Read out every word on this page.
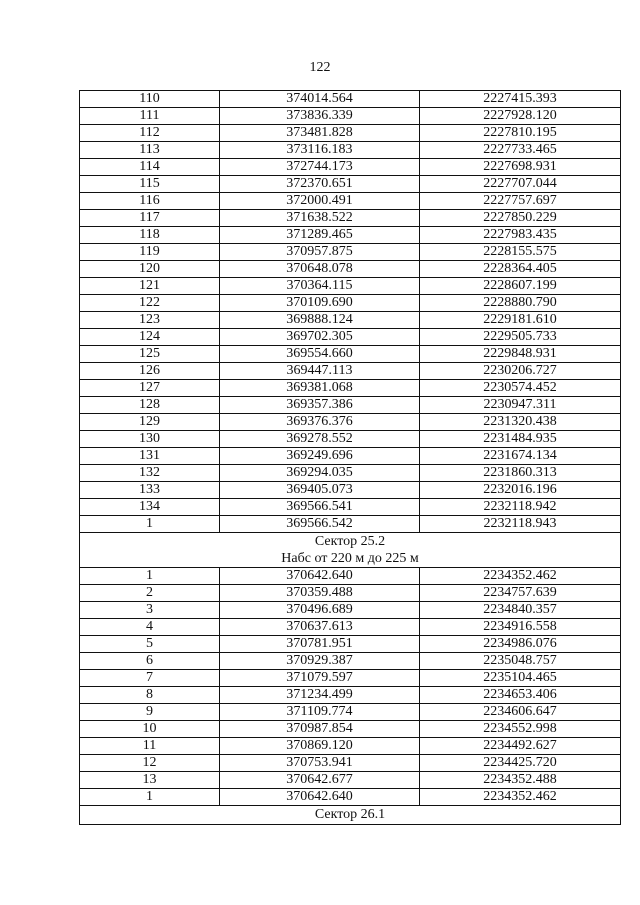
122
110	374014.564	2227415.393
111	373836.339	2227928.120
112	373481.828	2227810.195
113	373116.183	2227733.465
114	372744.173	2227698.931
115	372370.651	2227707.044
116	372000.491	2227757.697
117	371638.522	2227850.229
118	371289.465	2227983.435
119	370957.875	2228155.575
120	370648.078	2228364.405
121	370364.115	2228607.199
122	370109.690	2228880.790
123	369888.124	2229181.610
124	369702.305	2229505.733
125	369554.660	2229848.931
126	369447.113	2230206.727
127	369381.068	2230574.452
128	369357.386	2230947.311
129	369376.376	2231320.438
130	369278.552	2231484.935
131	369249.696	2231674.134
132	369294.035	2231860.313
133	369405.073	2232016.196
134	369566.541	2232118.942
1	369566.542	2232118.943

Сектор 25.2
Набс от 220 м до 225 м		

1	370642.640	2234352.462
2	370359.488	2234757.639
3	370496.689	2234840.357
4	370637.613	2234916.558
5	370781.951	2234986.076
6	370929.387	2235048.757
7	371079.597	2235104.465
8	371234.499	2234653.406
9	371109.774	2234606.647
10	370987.854	2234552.998
11	370869.120	2234492.627
12	370753.941	2234425.720
13	370642.677	2234352.488
1	370642.640	2234352.462
Сектор 26.1		
